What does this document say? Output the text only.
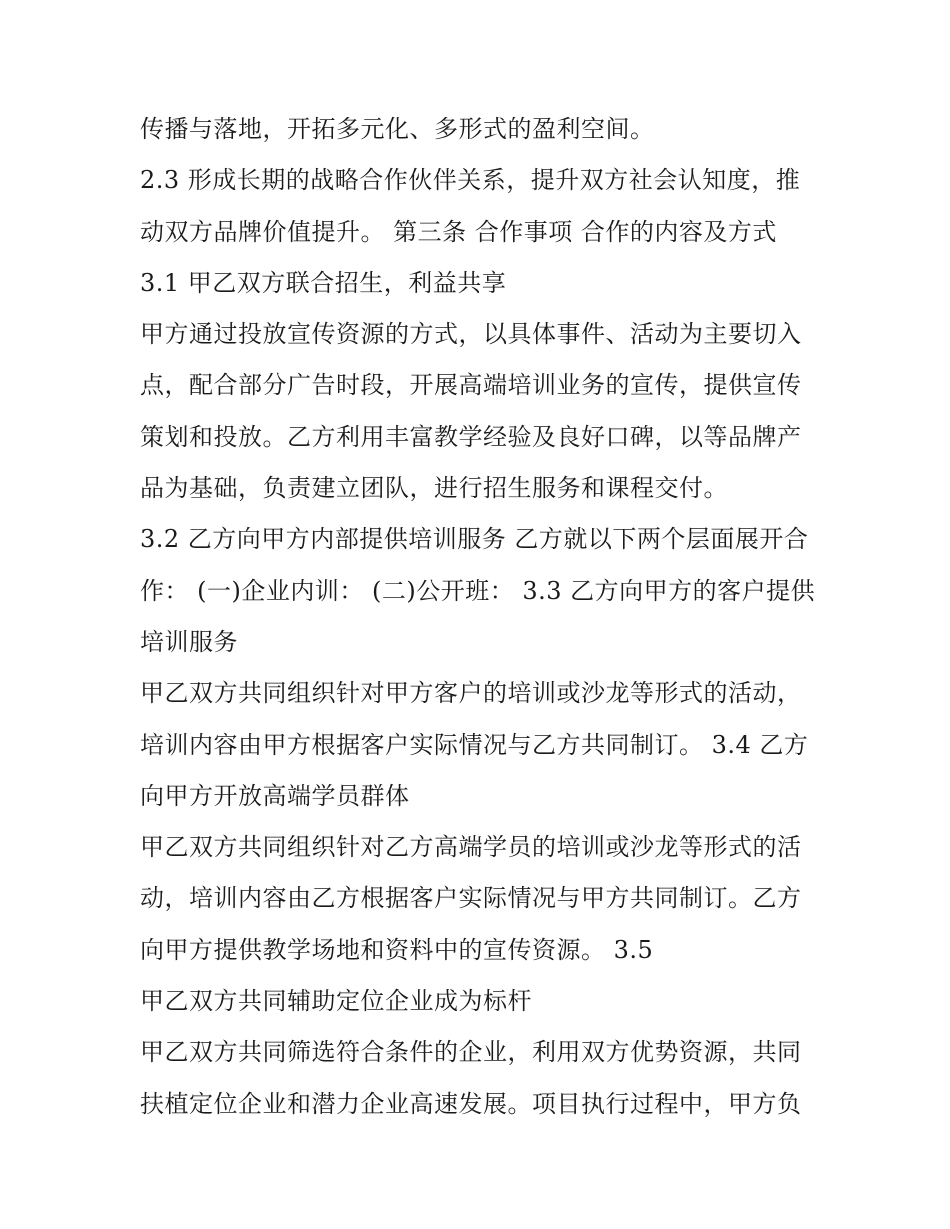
传播与落地，开拓多元化、多形式的盈利空间。
2.3 形成长期的战略合作伙伴关系，提升双方社会认知度，推
动双方品牌价值提升。 第三条 合作事项 合作的内容及方式
3.1 甲乙双方联合招生，利益共享
甲方通过投放宣传资源的方式，以具体事件、活动为主要切入
点，配合部分广告时段，开展高端培训业务的宣传，提供宣传
策划和投放。乙方利用丰富教学经验及良好口碑，以等品牌产
品为基础，负责建立团队，进行招生服务和课程交付。
3.2 乙方向甲方内部提供培训服务 乙方就以下两个层面展开合
作： (一)企业内训： (二)公开班： 3.3 乙方向甲方的客户提供
培训服务
甲乙双方共同组织针对甲方客户的培训或沙龙等形式的活动，
培训内容由甲方根据客户实际情况与乙方共同制订。 3.4 乙方
向甲方开放高端学员群体
甲乙双方共同组织针对乙方高端学员的培训或沙龙等形式的活
动，培训内容由乙方根据客户实际情况与甲方共同制订。乙方
向甲方提供教学场地和资料中的宣传资源。 3.5
甲乙双方共同辅助定位企业成为标杆
甲乙双方共同筛选符合条件的企业，利用双方优势资源，共同
扶植定位企业和潜力企业高速发展。项目执行过程中，甲方负
